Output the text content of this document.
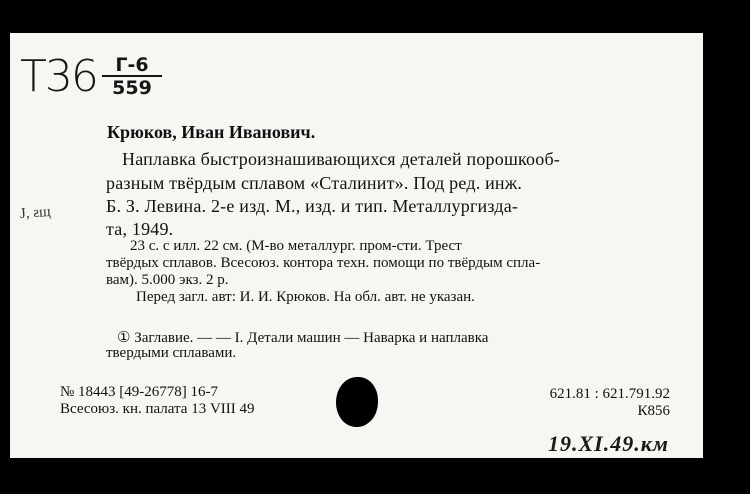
Т36 Г-6
559
Крюков, Иван Иванович.
Наплавка быстроизнашивающихся деталей порошкооб-
разным твёрдым сплавом «Сталинит». Под ред. инж.
Б. З. Левина. 2-е изд. М., изд. и тип. Металлургизда-
та, 1949.
J, ƨщ
23 с. с илл. 22 см. (М-во металлург. пром-сти. Трест
твёрдых сплавов. Всесоюз. контора техн. помощи по твёрдым спла-
вам). 5.000 экз. 2 р.
Перед загл. авт: И. И. Крюков. На обл. авт. не указан.
① Заглавие. — — I. Детали машин — Наварка и наплавка
твердыми сплавами.
№ 18443 [49-26778] 16-7
Всесоюз. кн. палата 13 VIII 49
621.81 : 621.791.92
К856
19.XI.49.км
